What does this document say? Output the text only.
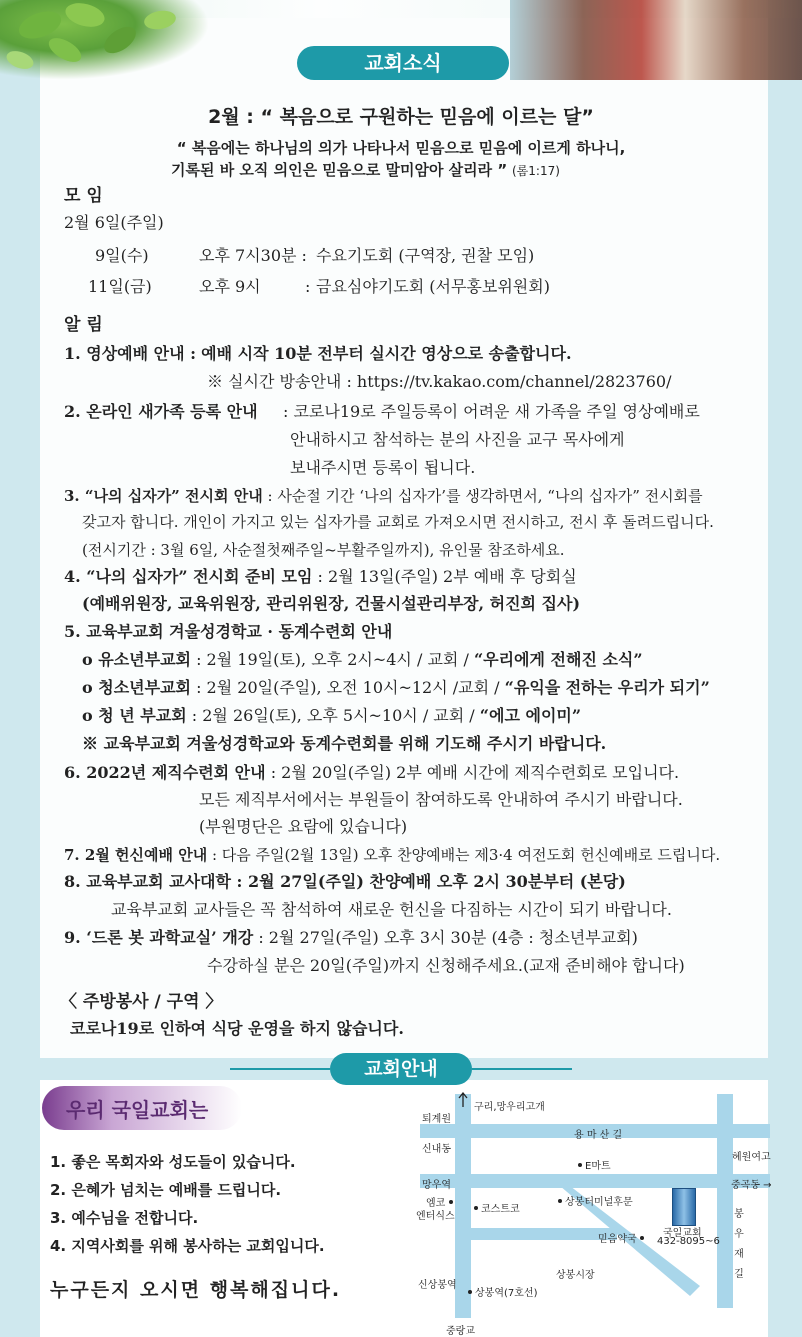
교회소식
2월 : “ 복음으로 구원하는 믿음에 이르는 달”
“ 복음에는 하나님의 의가 나타나서 믿음으로 믿음에 이르게 하나니,
기록된 바 오직 의인은 믿음으로 말미암아 살리라 ” (롬1:17)
모 임
2월 6일(주일)
9일(수)	오후 7시30분 : 수요기도회 (구역장, 권찰 모임)
11일(금)	오후 9시	: 금요심야기도회 (서무홍보위원회)
알 림
1. 영상예배 안내 : 예배 시작 10분 전부터 실시간 영상으로 송출합니다.
※ 실시간 방송안내 : https://tv.kakao.com/channel/2823760/
2. 온라인 새가족 등록 안내 : 코로나19로 주일등록이 어려운 새 가족을 주일 영상예배로
안내하시고 참석하는 분의 사진을 교구 목사에게
보내주시면 등록이 됩니다.
3. “나의 십자가” 전시회 안내 : 사순절 기간 ‘나의 십자가’를 생각하면서, “나의 십자가” 전시회를
갖고자 합니다. 개인이 가지고 있는 십자가를 교회로 가져오시면 전시하고, 전시 후 돌려드립니다.
(전시기간 : 3월 6일, 사순절첫째주일~부활주일까지), 유인물 참조하세요.
4. “나의 십자가” 전시회 준비 모임 : 2월 13일(주일) 2부 예배 후 당회실
(예배위원장, 교육위원장, 관리위원장, 건물시설관리부장, 허진희 집사)
5. 교육부교회 겨울성경학교 · 동계수련회 안내
o 유소년부교회 : 2월 19일(토), 오후 2시~4시 / 교회 / “우리에게 전해진 소식”
o 청소년부교회 : 2월 20일(주일), 오전 10시~12시 /교회 / “유익을 전하는 우리가 되기”
o 청 년 부교회 : 2월 26일(토), 오후 5시~10시 / 교회 / “에고 에이미”
※ 교육부교회 겨울성경학교와 동계수련회를 위해 기도해 주시기 바랍니다.
6. 2022년 제직수련회 안내 : 2월 20일(주일) 2부 예배 시간에 제직수련회로 모입니다.
모든 제직부서에서는 부원들이 참여하도록 안내하여 주시기 바랍니다.
(부원명단은 요람에 있습니다)
7. 2월 헌신예배 안내 : 다음 주일(2월 13일) 오후 찬양예배는 제3·4 여전도회 헌신예배로 드립니다.
8. 교육부교회 교사대학 : 2월 27일(주일) 찬양예배 오후 2시 30분부터 (본당)
교육부교회 교사들은 꼭 참석하여 새로운 헌신을 다짐하는 시간이 되기 바랍니다.
9. ‘드론 봇 과학교실’ 개강 : 2월 27일(주일) 오후 3시 30분 (4층 : 청소년부교회)
수강하실 분은 20일(주일)까지 신청해주세요.(교재 준비해야 합니다)
〈 주방봉사 / 구역 〉
코로나19로 인하여 식당 운영을 하지 않습니다.
교회안내
우리 국일교회는
1. 좋은 목회자와 성도들이 있습니다.
2. 은혜가 넘치는 예배를 드립니다.
3. 예수님을 전합니다.
4. 지역사회를 위해 봉사하는 교회입니다.
누구든지 오시면 행복해집니다.
구리,망우리고개
퇴계원
용 마 산 길
신내동
E마트
혜원여고
망우역	중곡동 →
엠코
엔터식스
코스트코
상봉터미널후문
믿음약국
국일교회
432-8095~6
봉 우 재 길
상봉시장
신상봉역
상봉역(7호선)
중랑교
